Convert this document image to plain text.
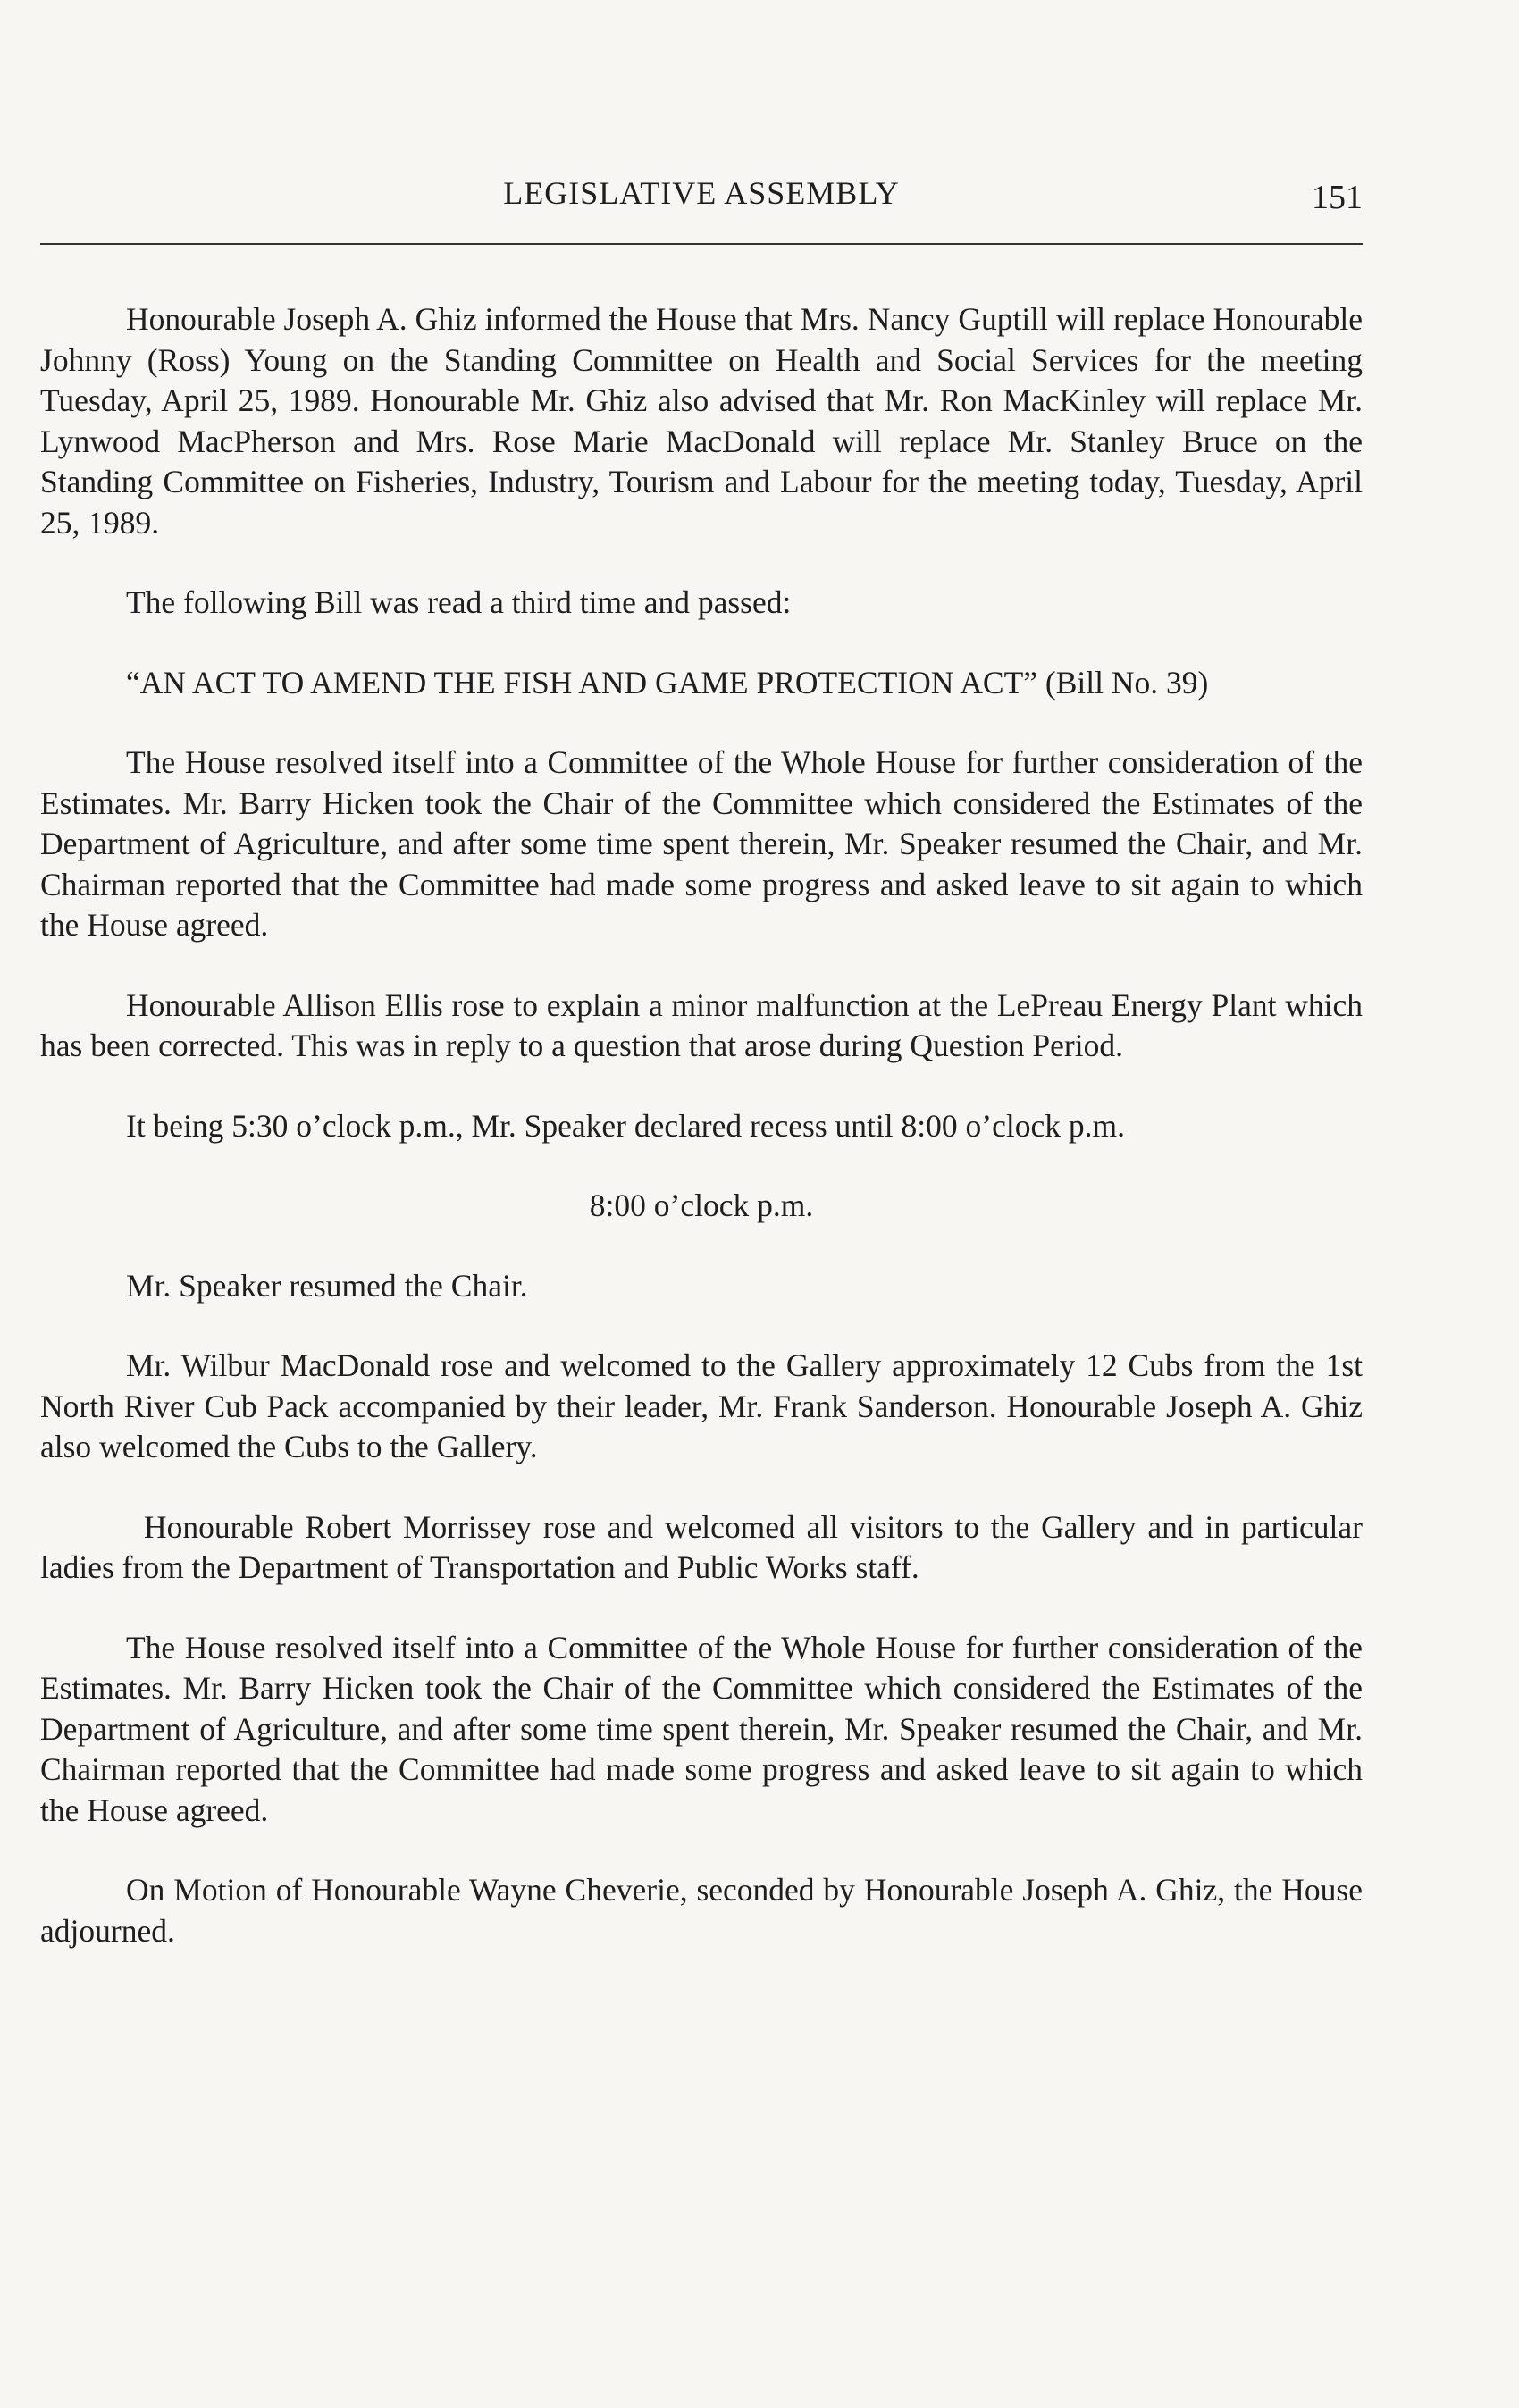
LEGISLATIVE ASSEMBLY	151

Honourable Joseph A. Ghiz informed the House that Mrs. Nancy Guptill will replace Honourable Johnny (Ross) Young on the Standing Committee on Health and Social Services for the meeting Tuesday, April 25, 1989. Honourable Mr. Ghiz also advised that Mr. Ron MacKinley will replace Mr. Lynwood MacPherson and Mrs. Rose Marie MacDonald will replace Mr. Stanley Bruce on the Standing Committee on Fisheries, Industry, Tourism and Labour for the meeting today, Tuesday, April 25, 1989.

The following Bill was read a third time and passed:

“AN ACT TO AMEND THE FISH AND GAME PROTECTION ACT” (Bill No. 39)

The House resolved itself into a Committee of the Whole House for further consideration of the Estimates. Mr. Barry Hicken took the Chair of the Committee which considered the Estimates of the Department of Agriculture, and after some time spent therein, Mr. Speaker resumed the Chair, and Mr. Chairman reported that the Committee had made some progress and asked leave to sit again to which the House agreed.

Honourable Allison Ellis rose to explain a minor malfunction at the LePreau Energy Plant which has been corrected. This was in reply to a question that arose during Question Period.

It being 5:30 o’clock p.m., Mr. Speaker declared recess until 8:00 o’clock p.m.

8:00 o’clock p.m.

Mr. Speaker resumed the Chair.

Mr. Wilbur MacDonald rose and welcomed to the Gallery approximately 12 Cubs from the 1st North River Cub Pack accompanied by their leader, Mr. Frank Sanderson. Honourable Joseph A. Ghiz also welcomed the Cubs to the Gallery.

Honourable Robert Morrissey rose and welcomed all visitors to the Gallery and in particular ladies from the Department of Transportation and Public Works staff.

The House resolved itself into a Committee of the Whole House for further consideration of the Estimates. Mr. Barry Hicken took the Chair of the Committee which considered the Estimates of the Department of Agriculture, and after some time spent therein, Mr. Speaker resumed the Chair, and Mr. Chairman reported that the Committee had made some progress and asked leave to sit again to which the House agreed.

On Motion of Honourable Wayne Cheverie, seconded by Honourable Joseph A. Ghiz, the House adjourned.
